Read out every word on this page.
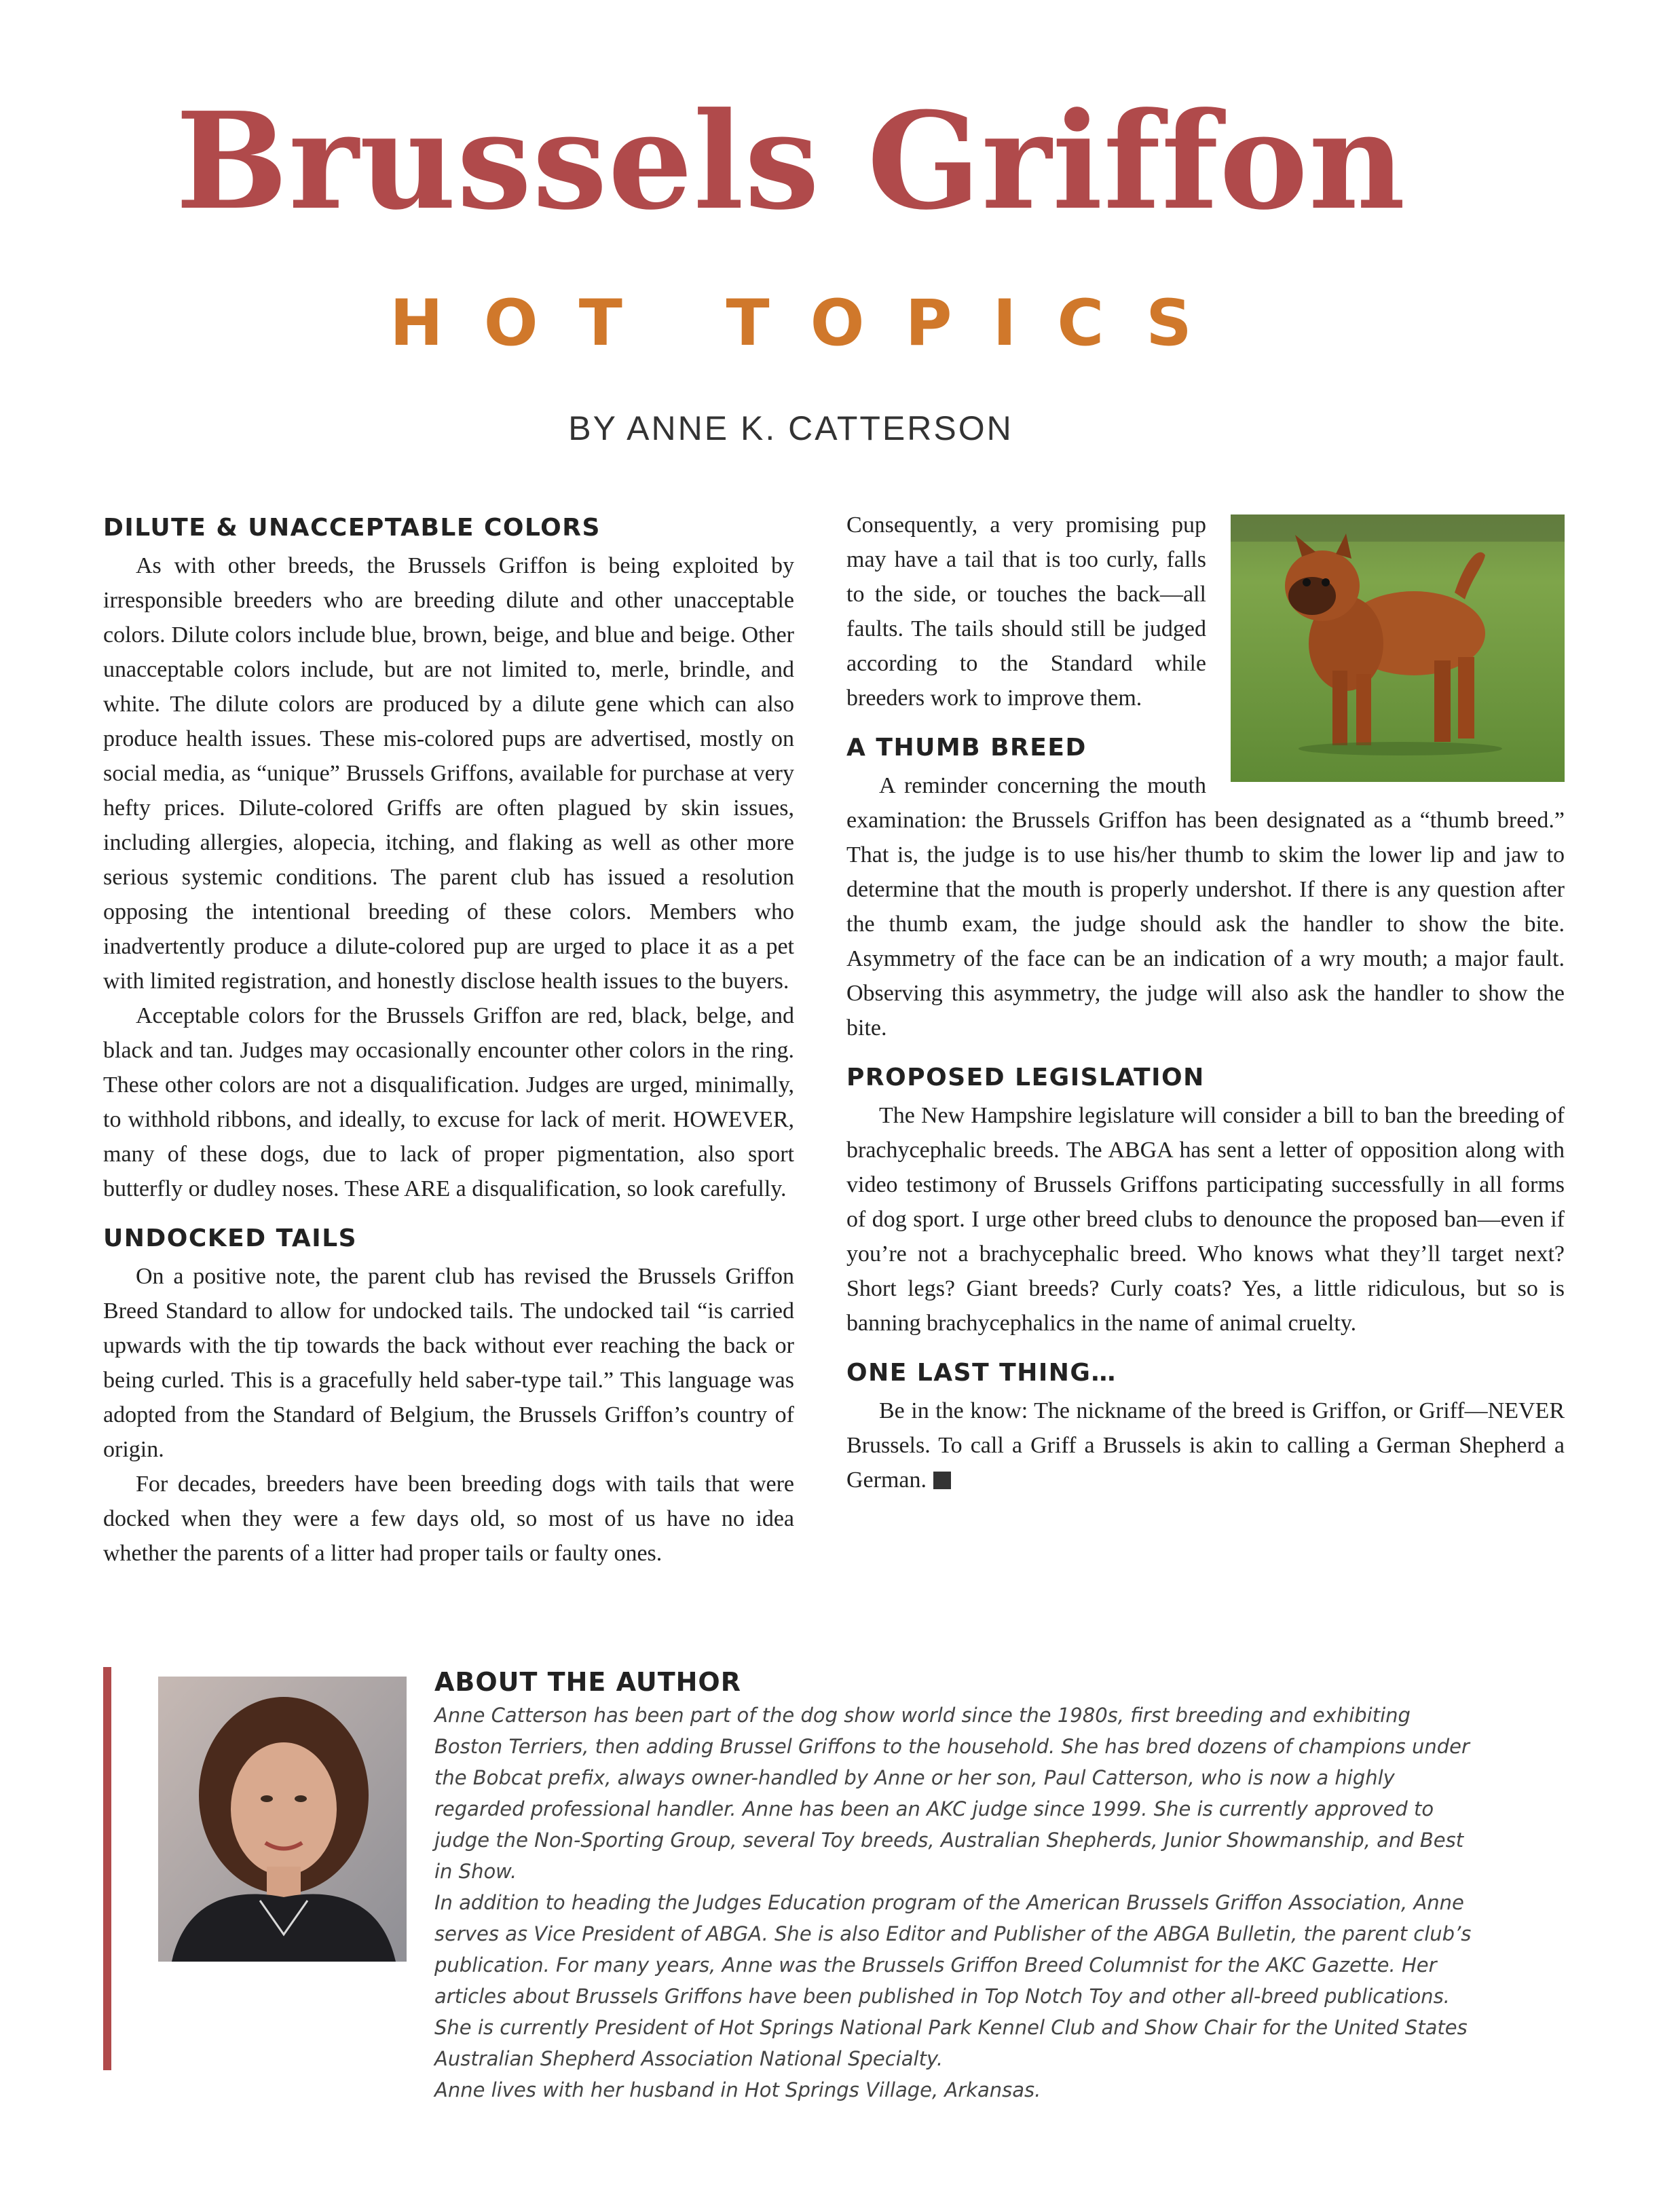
Brussels Griffon
HOT TOPICS
BY ANNE K. CATTERSON
DILUTE & UNACCEPTABLE COLORS

As with other breeds, the Brussels Griffon is being exploited by irresponsible breeders who are breeding dilute and other unacceptable colors. Dilute colors include blue, brown, beige, and blue and beige. Other unacceptable colors include, but are not limited to, merle, brindle, and white. The dilute colors are produced by a dilute gene which can also produce health issues. These mis-colored pups are advertised, mostly on social media, as “unique” Brussels Griffons, available for purchase at very hefty prices. Dilute-colored Griffs are often plagued by skin issues, including allergies, alopecia, itching, and flaking as well as other more serious systemic conditions. The parent club has issued a resolution opposing the intentional breeding of these colors. Members who inadvertently produce a dilute-colored pup are urged to place it as a pet with limited registration, and honestly disclose health issues to the buyers.

Acceptable colors for the Brussels Griffon are red, black, belge, and black and tan. Judges may occasionally encounter other colors in the ring. These other colors are not a disqualification. Judges are urged, minimally, to withhold ribbons, and ideally, to excuse for lack of merit. HOWEVER, many of these dogs, due to lack of proper pigmentation, also sport butterfly or dudley noses. These ARE a disqualification, so look carefully.

UNDOCKED TAILS

On a positive note, the parent club has revised the Brussels Griffon Breed Standard to allow for undocked tails. The undocked tail “is carried upwards with the tip towards the back without ever reaching the back or being curled. This is a gracefully held saber-type tail.” This language was adopted from the Standard of Belgium, the Brussels Griffon’s country of origin.

For decades, breeders have been breeding dogs with tails that were docked when they were a few days old, so most of us have no idea whether the parents of a litter had proper tails or faulty ones.

Consequently, a very promising pup may have a tail that is too curly, falls to the side, or touches the back—all faults. The tails should still be judged according to the Standard while breeders work to improve them.

A THUMB BREED

A reminder concerning the mouth examination: the Brussels Griffon has been designated as a “thumb breed.” That is, the judge is to use his/her thumb to skim the lower lip and jaw to determine that the mouth is properly undershot. If there is any question after the thumb exam, the judge should ask the handler to show the bite. Asymmetry of the face can be an indication of a wry mouth; a major fault. Observing this asymmetry, the judge will also ask the handler to show the bite.

PROPOSED LEGISLATION

The New Hampshire legislature will consider a bill to ban the breeding of brachycephalic breeds. The ABGA has sent a letter of opposition along with video testimony of Brussels Griffons participating successfully in all forms of dog sport. I urge other breed clubs to denounce the proposed ban—even if you’re not a brachycephalic breed. Who knows what they’ll target next? Short legs? Giant breeds? Curly coats? Yes, a little ridiculous, but so is banning brachycephalics in the name of animal cruelty.

ONE LAST THING…

Be in the know: The nickname of the breed is Griffon, or Griff—NEVER Brussels. To call a Griff a Brussels is akin to calling a German Shepherd a German.

ABOUT THE AUTHOR

Anne Catterson has been part of the dog show world since the 1980s, first breeding and exhibiting Boston Terriers, then adding Brussel Griffons to the household. She has bred dozens of champions under the Bobcat prefix, always owner-handled by Anne or her son, Paul Catterson, who is now a highly regarded professional handler. Anne has been an AKC judge since 1999. She is currently approved to judge the Non-Sporting Group, several Toy breeds, Australian Shepherds, Junior Showmanship, and Best in Show.

In addition to heading the Judges Education program of the American Brussels Griffon Association, Anne serves as Vice President of ABGA. She is also Editor and Publisher of the ABGA Bulletin, the parent club’s publication. For many years, Anne was the Brussels Griffon Breed Columnist for the AKC Gazette. Her articles about Brussels Griffons have been published in Top Notch Toy and other all-breed publications.

She is currently President of Hot Springs National Park Kennel Club and Show Chair for the United States Australian Shepherd Association National Specialty.

Anne lives with her husband in Hot Springs Village, Arkansas.
